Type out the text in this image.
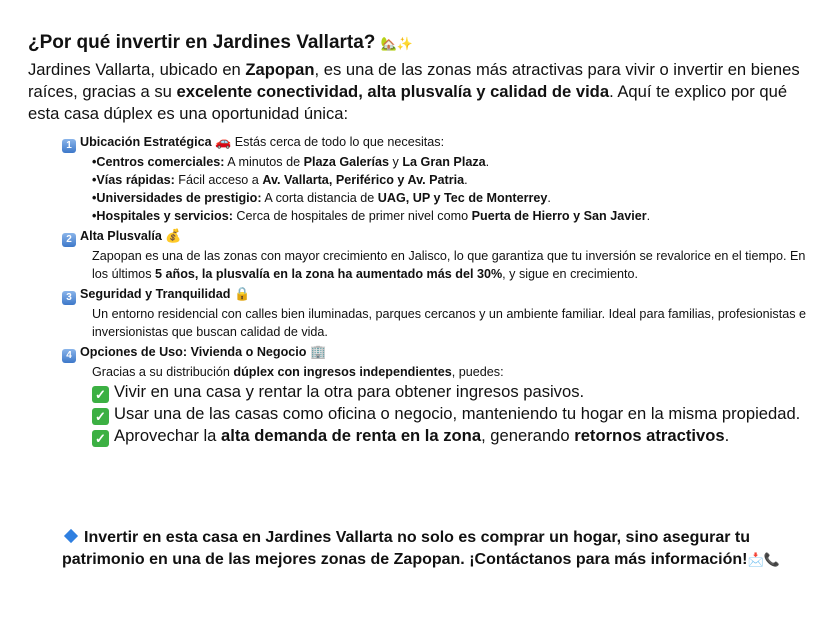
¿Por qué invertir en Jardines Vallarta? 🏡✨
Jardines Vallarta, ubicado en Zapopan, es una de las zonas más atractivas para vivir o invertir en bienes raíces, gracias a su excelente conectividad, alta plusvalía y calidad de vida. Aquí te explico por qué esta casa dúplex es una oportunidad única:
1 Ubicación Estratégica 🚗 Estás cerca de todo lo que necesitas:
•Centros comerciales: A minutos de Plaza Galerías y La Gran Plaza.
•Vías rápidas: Fácil acceso a Av. Vallarta, Periférico y Av. Patria.
•Universidades de prestigio: A corta distancia de UAG, UP y Tec de Monterrey.
•Hospitales y servicios: Cerca de hospitales de primer nivel como Puerta de Hierro y San Javier.
2 Alta Plusvalía 💰
Zapopan es una de las zonas con mayor crecimiento en Jalisco, lo que garantiza que tu inversión se revalorice en el tiempo. En los últimos 5 años, la plusvalía en la zona ha aumentado más del 30%, y sigue en crecimiento.
3 Seguridad y Tranquilidad 🔒
Un entorno residencial con calles bien iluminadas, parques cercanos y un ambiente familiar. Ideal para familias, profesionistas e inversionistas que buscan calidad de vida.
4 Opciones de Uso: Vivienda o Negocio 🏢
Gracias a su distribución dúplex con ingresos independientes, puedes:
✓ Vivir en una casa y rentar la otra para obtener ingresos pasivos.
✓ Usar una de las casas como oficina o negocio, manteniendo tu hogar en la misma propiedad.
✓ Aprovechar la alta demanda de renta en la zona, generando retornos atractivos.
Invertir en esta casa en Jardines Vallarta no solo es comprar un hogar, sino asegurar tu patrimonio en una de las mejores zonas de Zapopan. ¡Contáctanos para más información!📩📞
